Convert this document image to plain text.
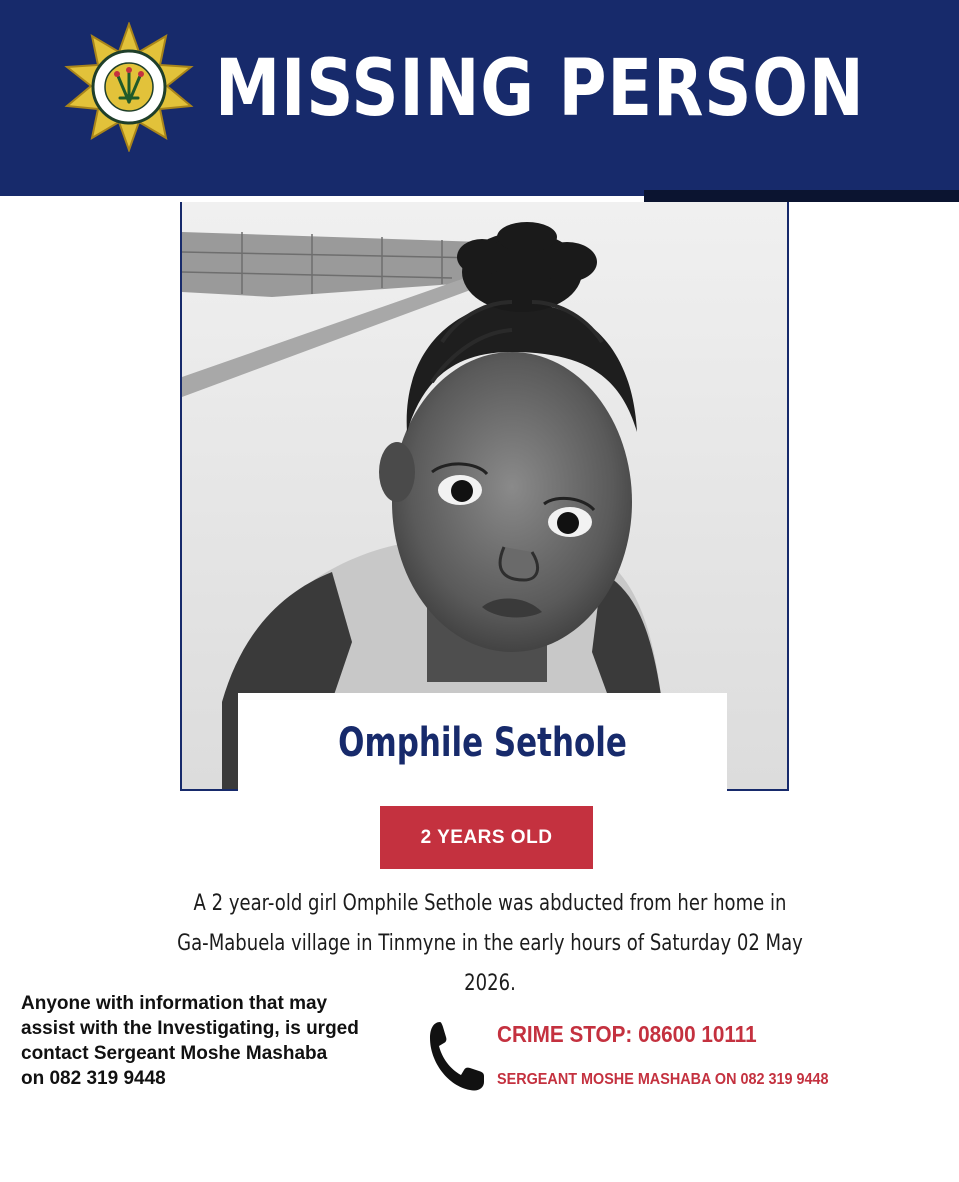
MISSING PERSON
Omphile Sethole
2 YEARS OLD
A 2 year-old girl Omphile Sethole was abducted from her home in
Ga-Mabuela village in Tinmyne in the early hours of Saturday 02 May 2026.
Anyone with information that may
assist with the Investigating, is urged
contact Sergeant Moshe Mashaba
on 082 319 9448
CRIME STOP: 08600 10111
SERGEANT MOSHE MASHABA ON 082 319 9448
